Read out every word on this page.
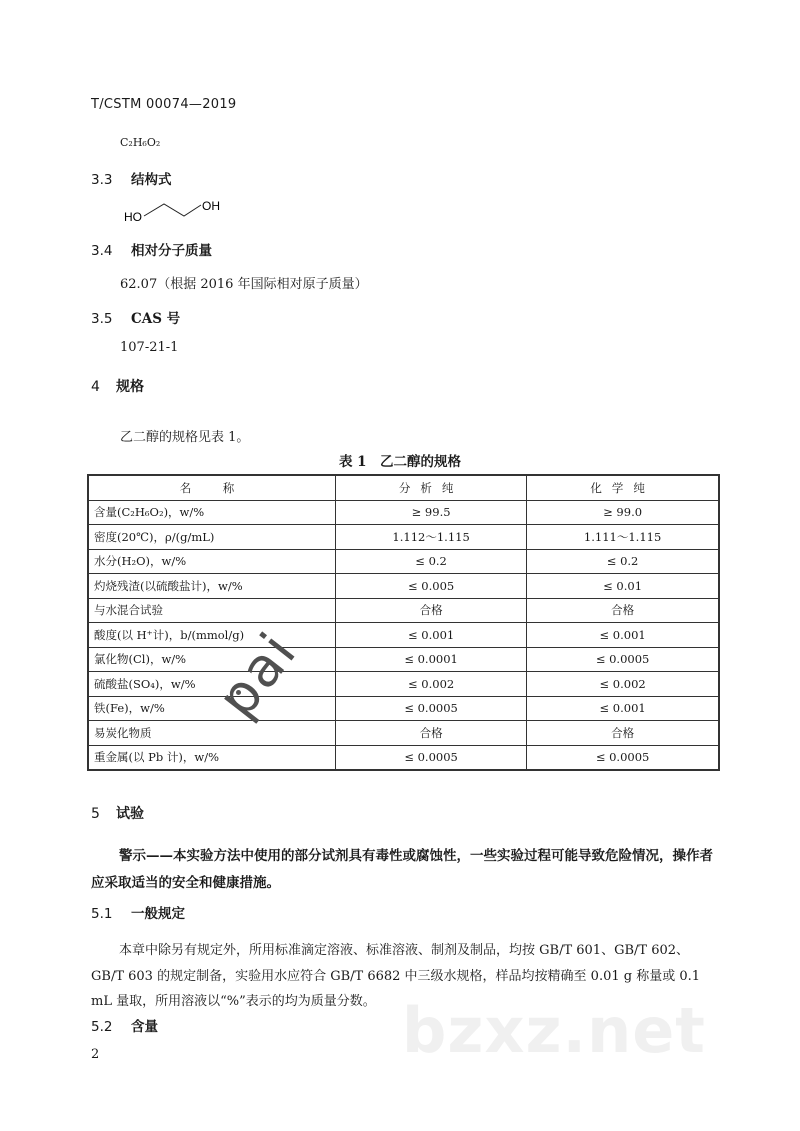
T/CSTM 00074—2019
C₂H₆O₂
3.3 结构式
HO
OH
3.4 相对分子质量
62.07（根据 2016 年国际相对原子质量）
3.5 CAS 号
107-21-1
4 规格
乙二醇的规格见表 1。
表 1　乙二醇的规格
名　称	分析纯	化学纯
含量(C₂H₆O₂)，w/%	≥ 99.5	≥ 99.0
密度(20℃)，ρ/(g/mL)	1.112～1.115	1.111～1.115
水分(H₂O)，w/%	≤ 0.2	≤ 0.2
灼烧残渣(以硫酸盐计)，w/%	≤ 0.005	≤ 0.01
与水混合试验	合格	合格
酸度(以 H⁺计)，b/(mmol/g)	≤ 0.001	≤ 0.001
氯化物(Cl)，w/%	≤ 0.0001	≤ 0.0005
硫酸盐(SO₄)，w/%	≤ 0.002	≤ 0.002
铁(Fe)，w/%	≤ 0.0005	≤ 0.001
易炭化物质	合格	合格
重金属(以 Pb 计)，w/%	≤ 0.0005	≤ 0.0005
5 试验
警示——本实验方法中使用的部分试剂具有毒性或腐蚀性，一些实验过程可能导致危险情况，操作者应采取适当的安全和健康措施。
5.1 一般规定
本章中除另有规定外，所用标准滴定溶液、标准溶液、制剂及制品，均按 GB/T 601、GB/T 602、GB/T 603 的规定制备，实验用水应符合 GB/T 6682 中三级水规格，样品均按精确至 0.01 g 称量或 0.1 mL 量取，所用溶液以“%”表示的均为质量分数。
5.2 含量
2
pai
bzxz.net
